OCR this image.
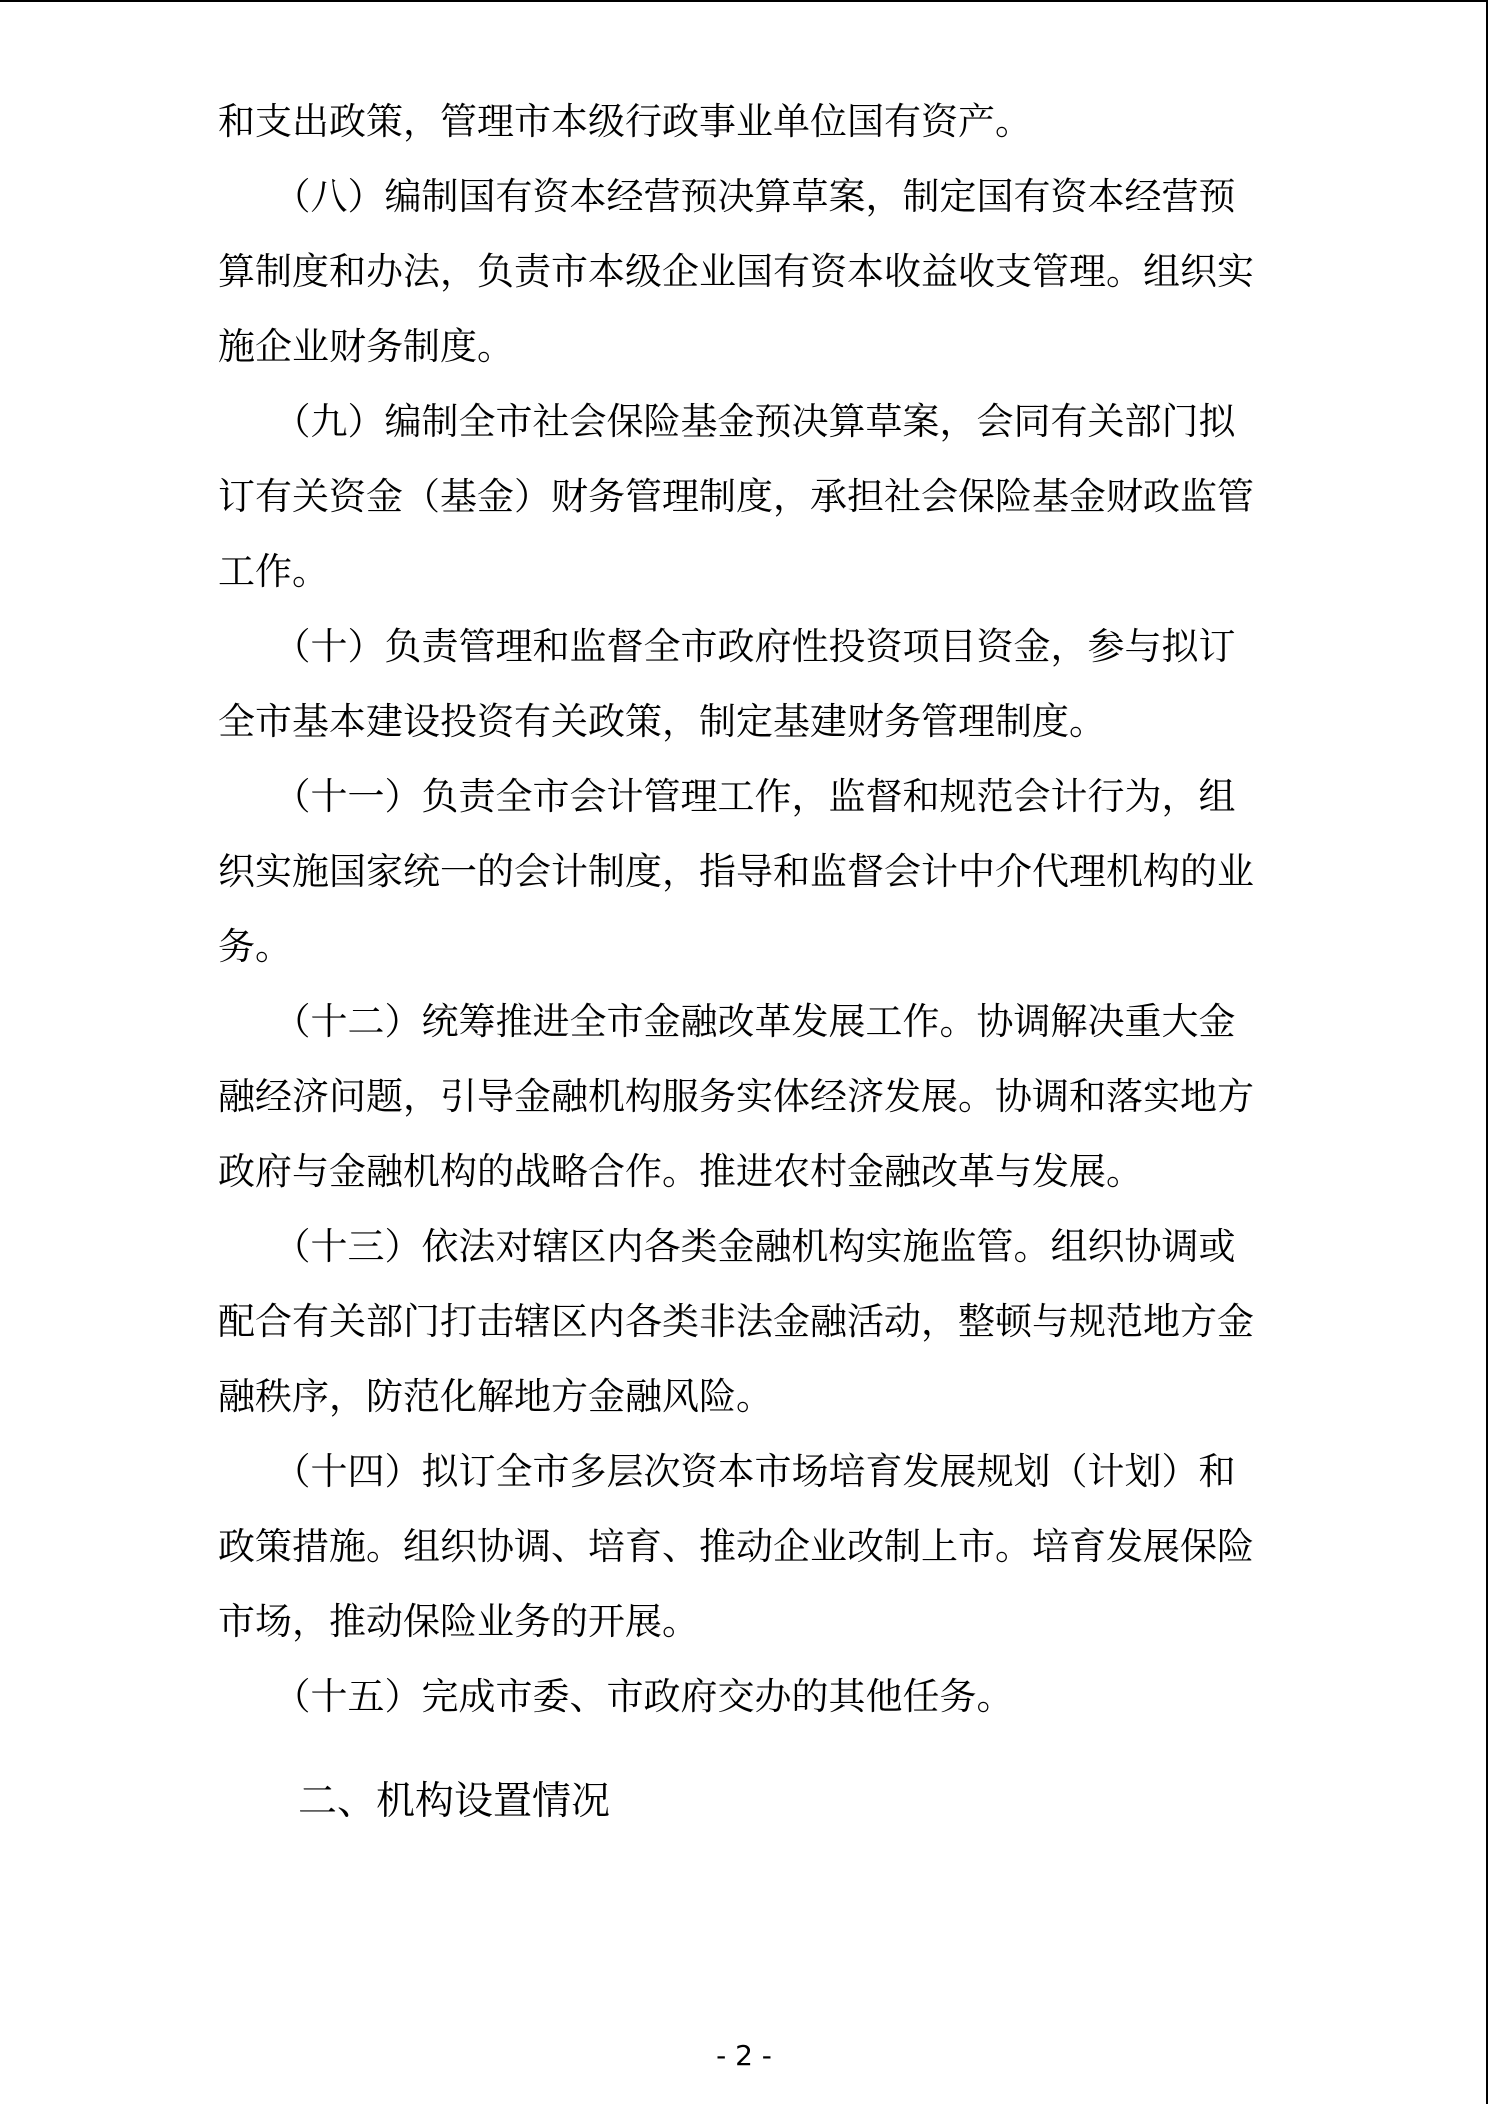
和支出政策，管理市本级行政事业单位国有资产。
　　（八）编制国有资本经营预决算草案，制定国有资本经营预
算制度和办法，负责市本级企业国有资本收益收支管理。组织实
施企业财务制度。
　　（九）编制全市社会保险基金预决算草案，会同有关部门拟
订有关资金（基金）财务管理制度，承担社会保险基金财政监管
工作。
　　（十）负责管理和监督全市政府性投资项目资金，参与拟订
全市基本建设投资有关政策，制定基建财务管理制度。
　　（十一）负责全市会计管理工作，监督和规范会计行为，组
织实施国家统一的会计制度，指导和监督会计中介代理机构的业
务。
　　（十二）统筹推进全市金融改革发展工作。协调解决重大金
融经济问题，引导金融机构服务实体经济发展。协调和落实地方
政府与金融机构的战略合作。推进农村金融改革与发展。
　　（十三）依法对辖区内各类金融机构实施监管。组织协调或
配合有关部门打击辖区内各类非法金融活动，整顿与规范地方金
融秩序，防范化解地方金融风险。
　　（十四）拟订全市多层次资本市场培育发展规划（计划）和
政策措施。组织协调、培育、推动企业改制上市。培育发展保险
市场，推动保险业务的开展。
　　（十五）完成市委、市政府交办的其他任务。
二、机构设置情况
- 2 -
